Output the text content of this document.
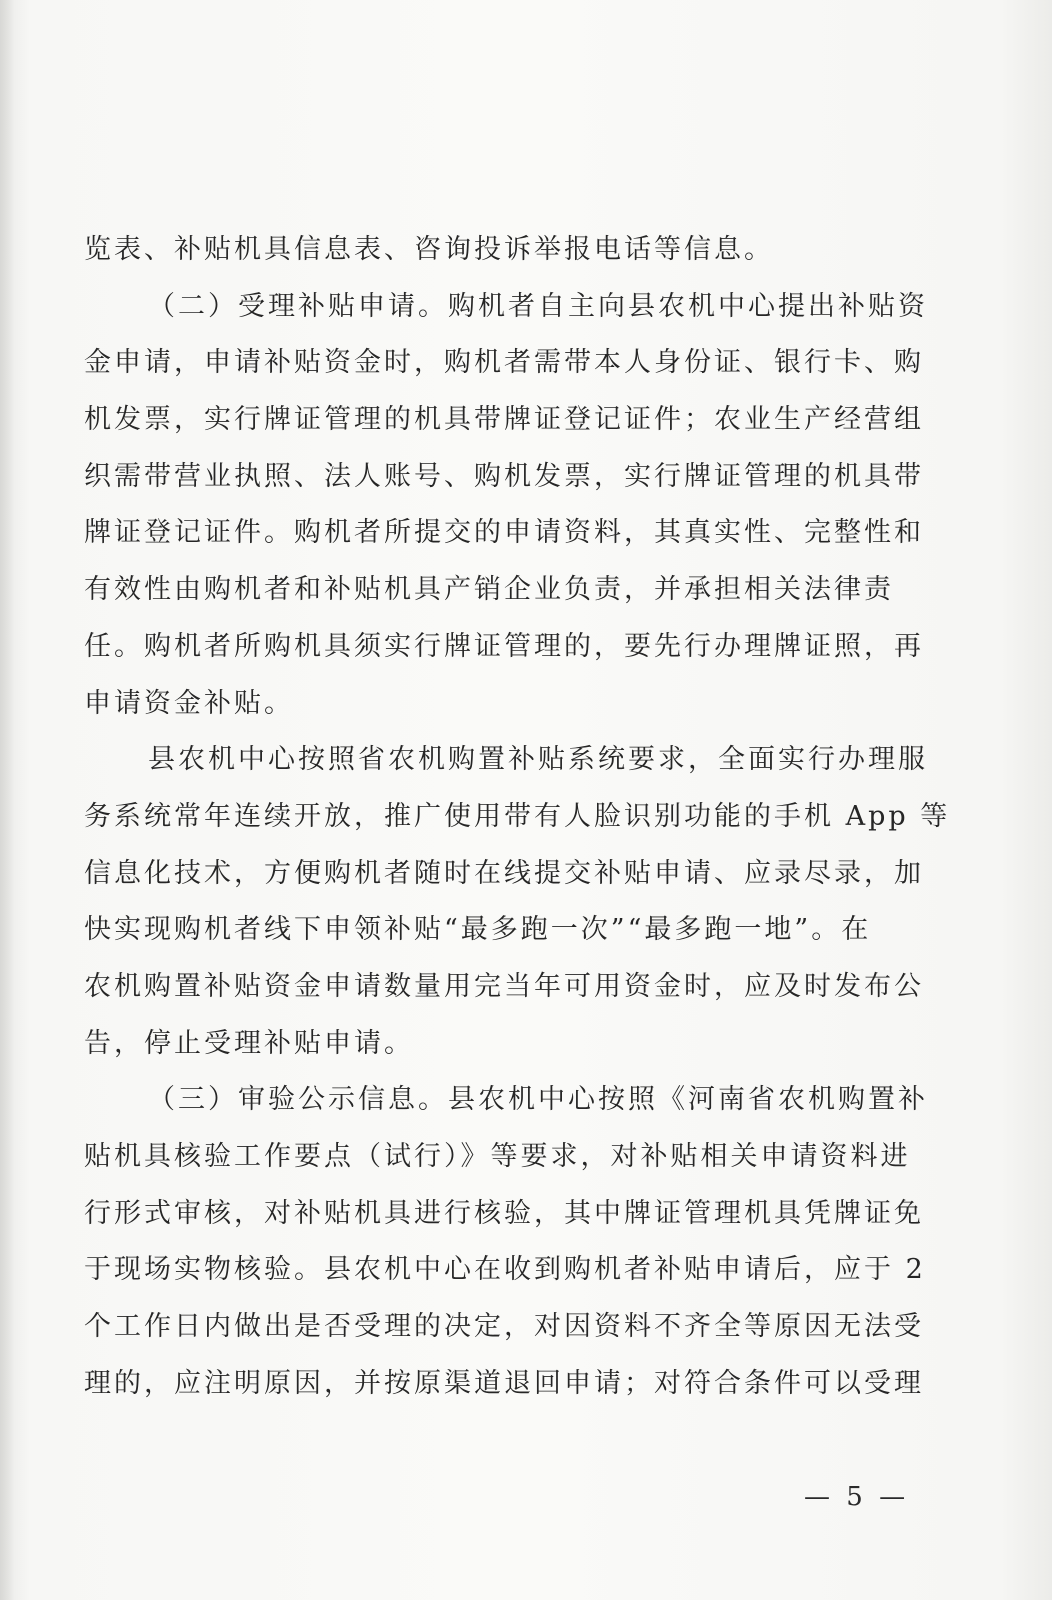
览表、补贴机具信息表、咨询投诉举报电话等信息。
（二）受理补贴申请。购机者自主向县农机中心提出补贴资
金申请，申请补贴资金时，购机者需带本人身份证、银行卡、购
机发票，实行牌证管理的机具带牌证登记证件；农业生产经营组
织需带营业执照、法人账号、购机发票，实行牌证管理的机具带
牌证登记证件。购机者所提交的申请资料，其真实性、完整性和
有效性由购机者和补贴机具产销企业负责，并承担相关法律责
任。购机者所购机具须实行牌证管理的，要先行办理牌证照，再
申请资金补贴。
县农机中心按照省农机购置补贴系统要求，全面实行办理服
务系统常年连续开放，推广使用带有人脸识别功能的手机 App 等
信息化技术，方便购机者随时在线提交补贴申请、应录尽录，加
快实现购机者线下申领补贴“最多跑一次”“最多跑一地”。在
农机购置补贴资金申请数量用完当年可用资金时，应及时发布公
告，停止受理补贴申请。
（三）审验公示信息。县农机中心按照《河南省农机购置补
贴机具核验工作要点（试行）》等要求，对补贴相关申请资料进
行形式审核，对补贴机具进行核验，其中牌证管理机具凭牌证免
于现场实物核验。县农机中心在收到购机者补贴申请后，应于 2
个工作日内做出是否受理的决定，对因资料不齐全等原因无法受
理的，应注明原因，并按原渠道退回申请；对符合条件可以受理
— 5 —
